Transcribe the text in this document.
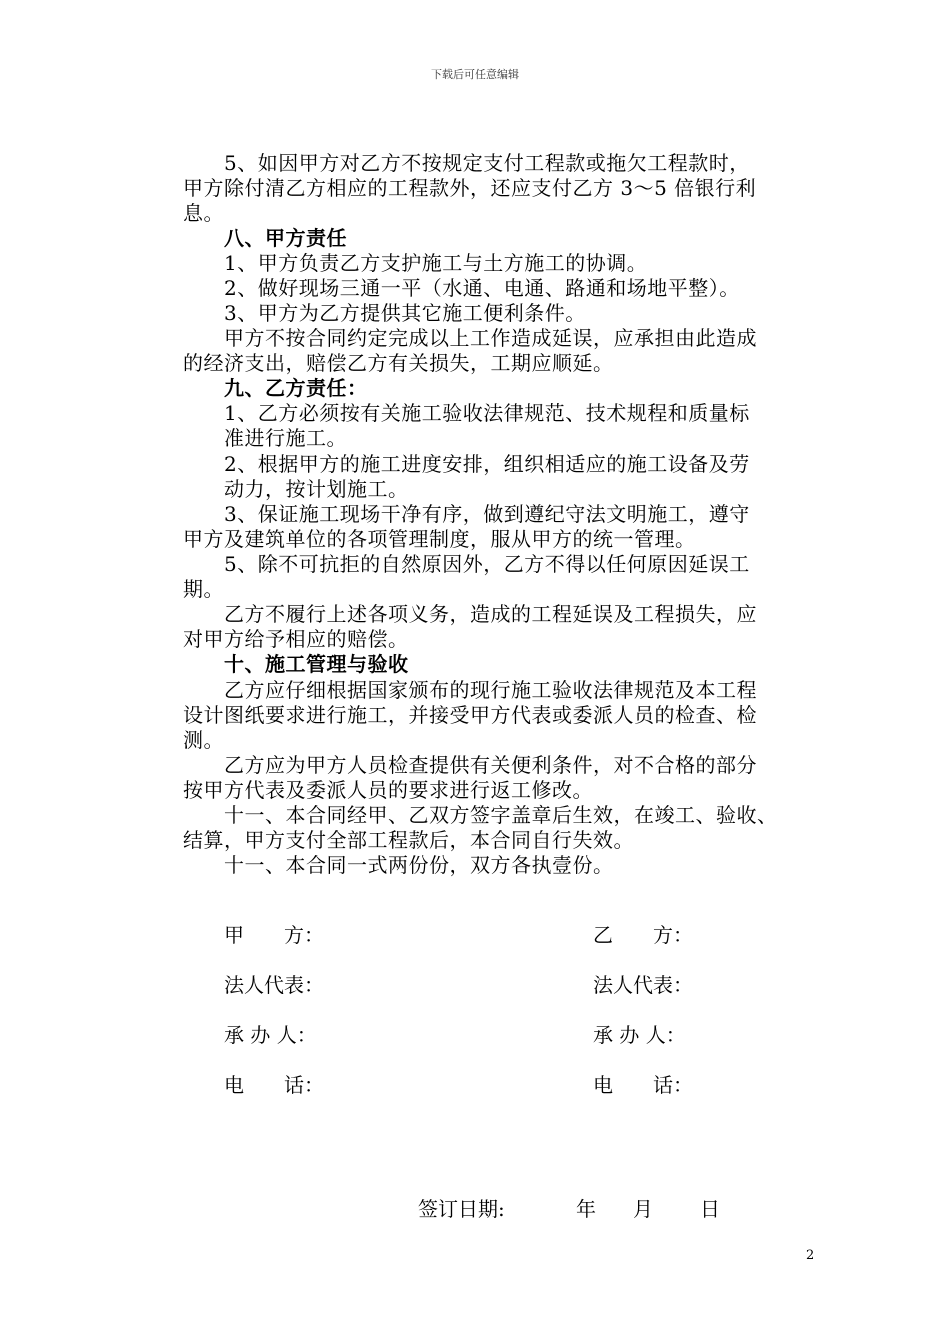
下载后可任意编辑
5、如因甲方对乙方不按规定支付工程款或拖欠工程款时，
甲方除付清乙方相应的工程款外，还应支付乙方 3～5 倍银行利
息。
八、甲方责任
1、甲方负责乙方支护施工与土方施工的协调。
2、做好现场三通一平（水通、电通、路通和场地平整）。
3、甲方为乙方提供其它施工便利条件。
甲方不按合同约定完成以上工作造成延误，应承担由此造成
的经济支出，赔偿乙方有关损失，工期应顺延。
九、乙方责任：
1、乙方必须按有关施工验收法律规范、技术规程和质量标
准进行施工。
2、根据甲方的施工进度安排，组织相适应的施工设备及劳
动力，按计划施工。
3、保证施工现场干净有序，做到遵纪守法文明施工，遵守
甲方及建筑单位的各项管理制度，服从甲方的统一管理。
5、除不可抗拒的自然原因外，乙方不得以任何原因延误工
期。
乙方不履行上述各项义务，造成的工程延误及工程损失，应
对甲方给予相应的赔偿。
十、施工管理与验收
乙方应仔细根据国家颁布的现行施工验收法律规范及本工程
设计图纸要求进行施工，并接受甲方代表或委派人员的检查、检
测。
乙方应为甲方人员检查提供有关便利条件，对不合格的部分
按甲方代表及委派人员的要求进行返工修改。
十一、本合同经甲、乙双方签字盖章后生效，在竣工、验收、
结算，甲方支付全部工程款后，本合同自行失效。
十一、本合同一式两份份，双方各执壹份。
甲　　方：	乙　　方：
法人代表：	法人代表：
承 办 人：	承 办 人：
电　　话：	电　　话：
签订日期:	年 月 日
2
